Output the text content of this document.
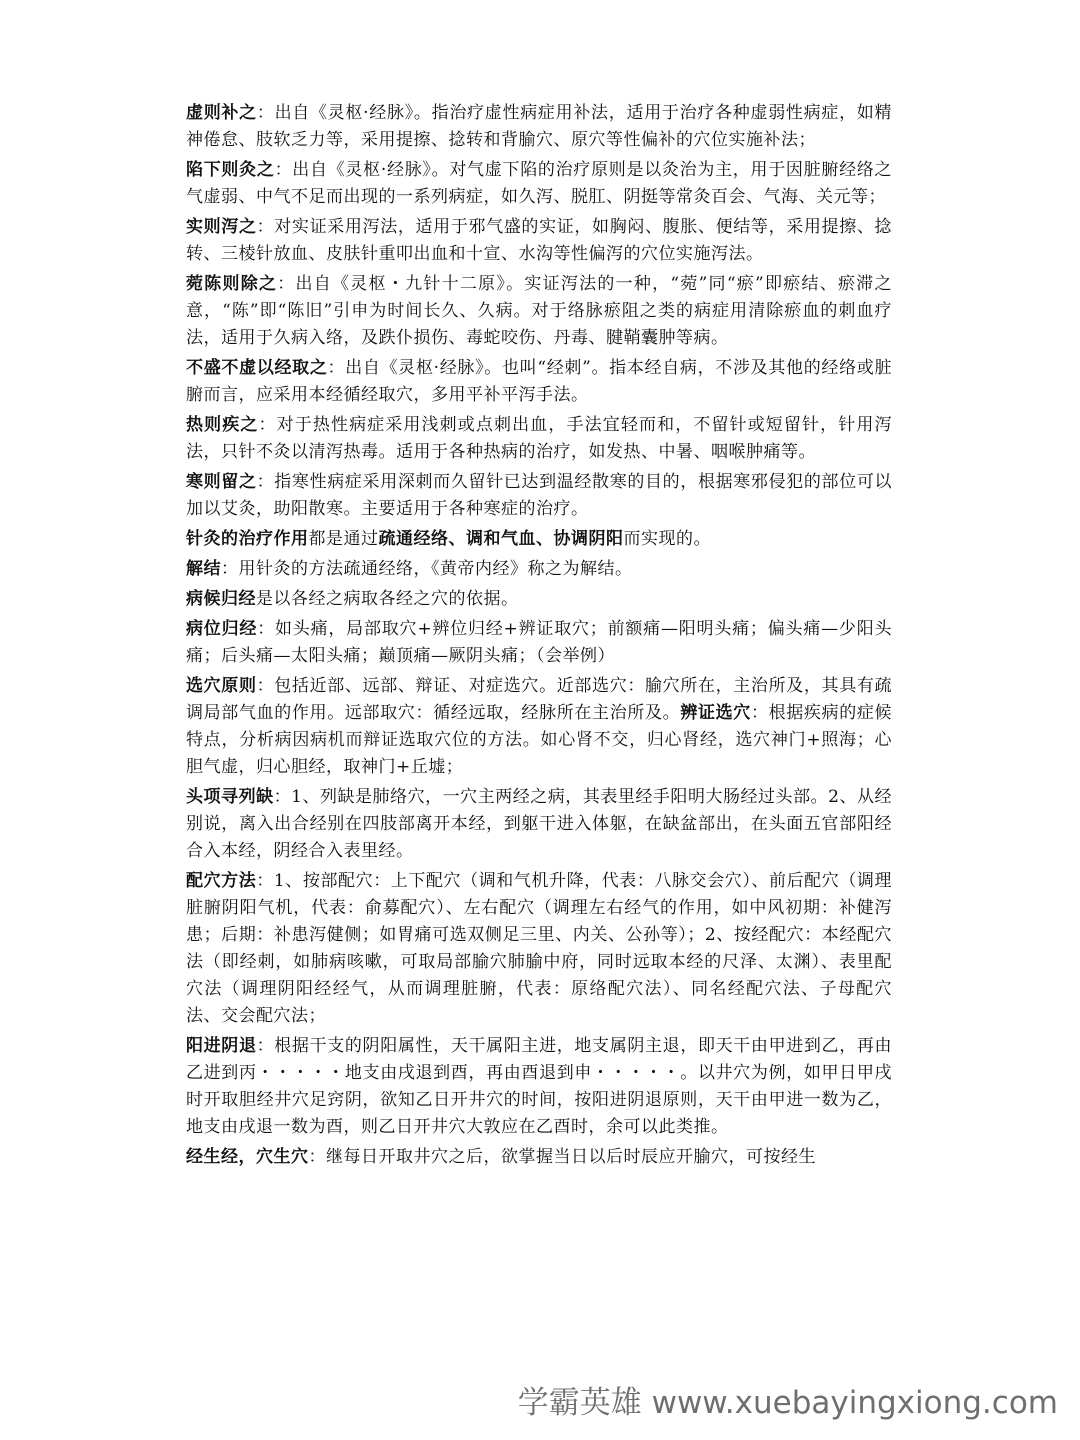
虚则补之：出自《灵枢·经脉》。指治疗虚性病症用补法，适用于治疗各种虚弱性病症，如精神倦怠、肢软乏力等，采用提擦、捻转和背腧穴、原穴等性偏补的穴位实施补法；

陷下则灸之：出自《灵枢·经脉》。对气虚下陷的治疗原则是以灸治为主，用于因脏腑经络之气虚弱、中气不足而出现的一系列病症，如久泻、脱肛、阴挺等常灸百会、气海、关元等；

实则泻之：对实证采用泻法，适用于邪气盛的实证，如胸闷、腹胀、便结等，采用提擦、捻转、三棱针放血、皮肤针重叩出血和十宣、水沟等性偏泻的穴位实施泻法。

菀陈则除之：出自《灵枢・九针十二原》。实证泻法的一种，“菀”同“瘀”即瘀结、瘀滞之意，“陈”即“陈旧”引申为时间长久、久病。对于络脉瘀阻之类的病症用清除瘀血的刺血疗法，适用于久病入络，及跌仆损伤、毒蛇咬伤、丹毒、腱鞘囊肿等病。

不盛不虚以经取之：出自《灵枢·经脉》。也叫“经刺”。指本经自病，不涉及其他的经络或脏腑而言，应采用本经循经取穴，多用平补平泻手法。

热则疾之：对于热性病症采用浅刺或点刺出血，手法宜轻而和，不留针或短留针，针用泻法，只针不灸以清泻热毒。适用于各种热病的治疗，如发热、中暑、咽喉肿痛等。

寒则留之：指寒性病症采用深刺而久留针已达到温经散寒的目的，根据寒邪侵犯的部位可以加以艾灸，助阳散寒。主要适用于各种寒症的治疗。

针灸的治疗作用都是通过疏通经络、调和气血、协调阴阳而实现的。

解结：用针灸的方法疏通经络，《黄帝内经》称之为解结。

病候归经是以各经之病取各经之穴的依据。

病位归经：如头痛，局部取穴+辨位归经+辨证取穴；前额痛—阳明头痛；偏头痛—少阳头痛；后头痛—太阳头痛；巅顶痛—厥阴头痛；（会举例）

选穴原则：包括近部、远部、辩证、对症选穴。近部选穴：腧穴所在，主治所及，其具有疏调局部气血的作用。远部取穴：循经远取，经脉所在主治所及。辨证选穴：根据疾病的症候特点，分析病因病机而辩证选取穴位的方法。如心肾不交，归心肾经，选穴神门+照海；心胆气虚，归心胆经，取神门+丘墟；

头项寻列缺：1、列缺是肺络穴，一穴主两经之病，其表里经手阳明大肠经过头部。2、从经别说，离入出合经别在四肢部离开本经，到躯干进入体躯，在缺盆部出，在头面五官部阳经合入本经，阴经合入表里经。

配穴方法：1、按部配穴：上下配穴（调和气机升降，代表：八脉交会穴）、前后配穴（调理脏腑阴阳气机，代表：俞募配穴）、左右配穴（调理左右经气的作用，如中风初期：补健泻患；后期：补患泻健侧；如胃痛可选双侧足三里、内关、公孙等）；2、按经配穴：本经配穴法（即经刺，如肺病咳嗽，可取局部腧穴肺腧中府，同时远取本经的尺泽、太渊）、表里配穴法（调理阴阳经经气，从而调理脏腑，代表：原络配穴法）、同名经配穴法、子母配穴法、交会配穴法；

阳进阴退：根据干支的阴阳属性，天干属阳主进，地支属阴主退，即天干由甲进到乙，再由乙进到丙・・・・・地支由戌退到酉，再由酉退到申・・・・・。以井穴为例，如甲日甲戌时开取胆经井穴足窍阴，欲知乙日开井穴的时间，按阳进阴退原则，天干由甲进一数为乙，地支由戌退一数为酉，则乙日开井穴大敦应在乙酉时，余可以此类推。

经生经，穴生穴：继每日开取井穴之后，欲掌握当日以后时辰应开腧穴，可按经生

学霸英雄 www.xuebayingxiong.com
